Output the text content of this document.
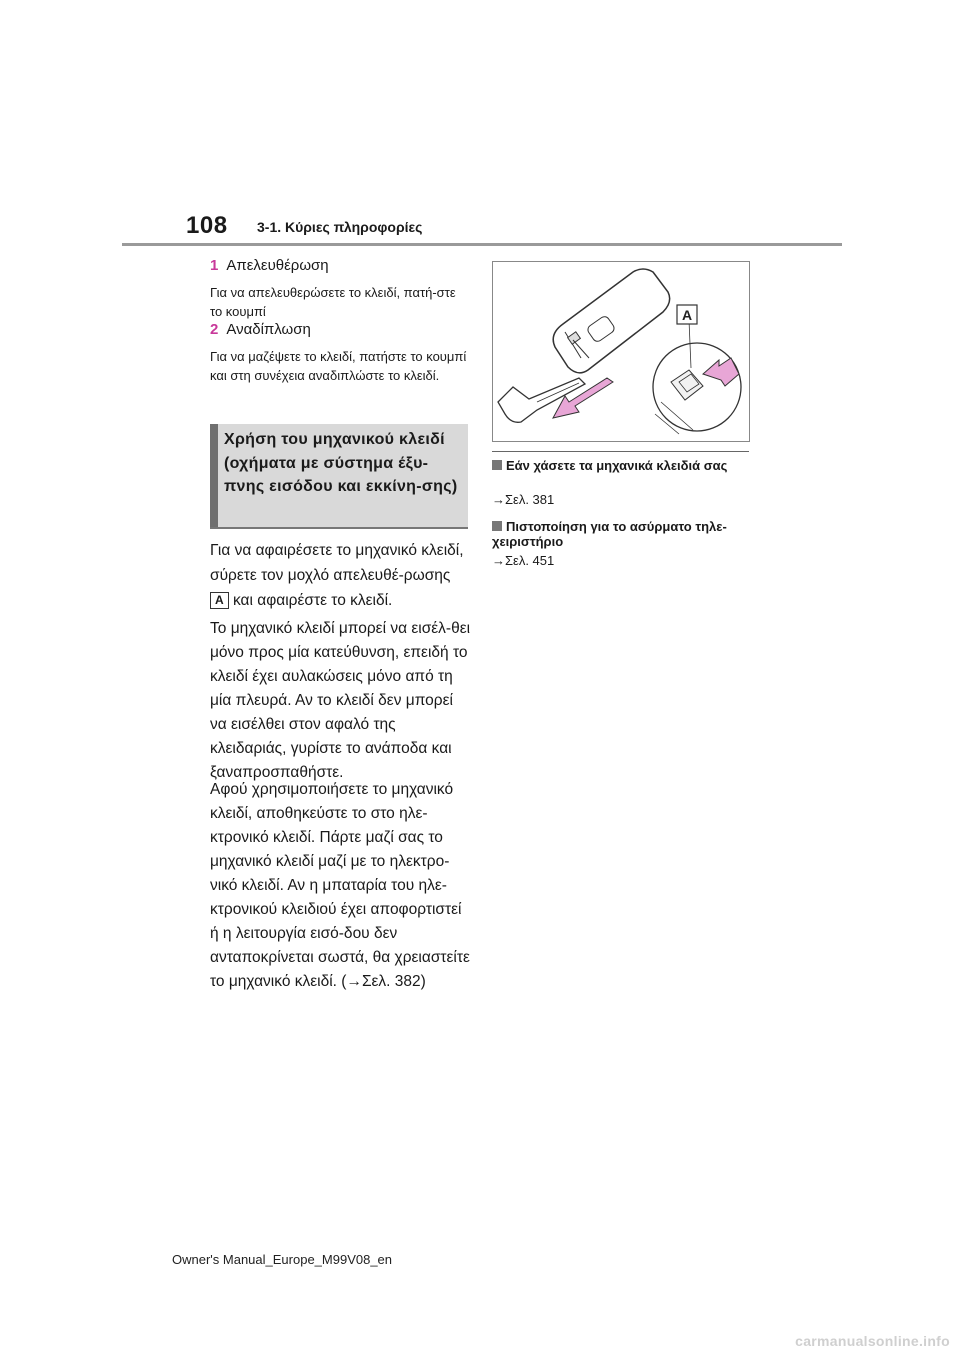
108 3-1. Κύριες πληροφορίες
1 Απελευθέρωση
Για να απελευθερώσετε το κλειδί, πατή-στε το κουμπί
2 Αναδίπλωση
Για να μαζέψετε το κλειδί, πατήστε το κουμπί και στη συνέχεια αναδιπλώστε το κλειδί.
Χρήση του μηχανικού κλειδί (οχήματα με σύστημα έξυ-πνης εισόδου και εκκίνη-σης)
Για να αφαιρέσετε το μηχανικό κλειδί, σύρετε τον μοχλό απελευθέ-ρωσης A και αφαιρέστε το κλειδί.
Το μηχανικό κλειδί μπορεί να εισέλ-θει μόνο προς μία κατεύθυνση, επειδή το κλειδί έχει αυλακώσεις μόνο από τη μία πλευρά. Αν το κλειδί δεν μπορεί να εισέλθει στον αφαλό της κλειδαριάς, γυρίστε το ανάποδα και ξαναπροσπαθήστε.
Αφού χρησιμοποιήσετε το μηχανικό κλειδί, αποθηκεύστε το στο ηλε-κτρονικό κλειδί. Πάρτε μαζί σας το μηχανικό κλειδί μαζί με το ηλεκτρο-νικό κλειδί. Αν η μπαταρία του ηλε-κτρονικού κλειδιού έχει αποφορτιστεί ή η λειτουργία εισό-δου δεν ανταποκρίνεται σωστά, θα χρειαστείτε το μηχανικό κλειδί. (→Σελ. 382)
A
Εάν χάσετε τα μηχανικά κλειδιά σας
→Σελ. 381
Πιστοποίηση για το ασύρματο τηλε-χειριστήριο
→Σελ. 451
Owner's Manual_Europe_M99V08_en
carmanualsonline.info
